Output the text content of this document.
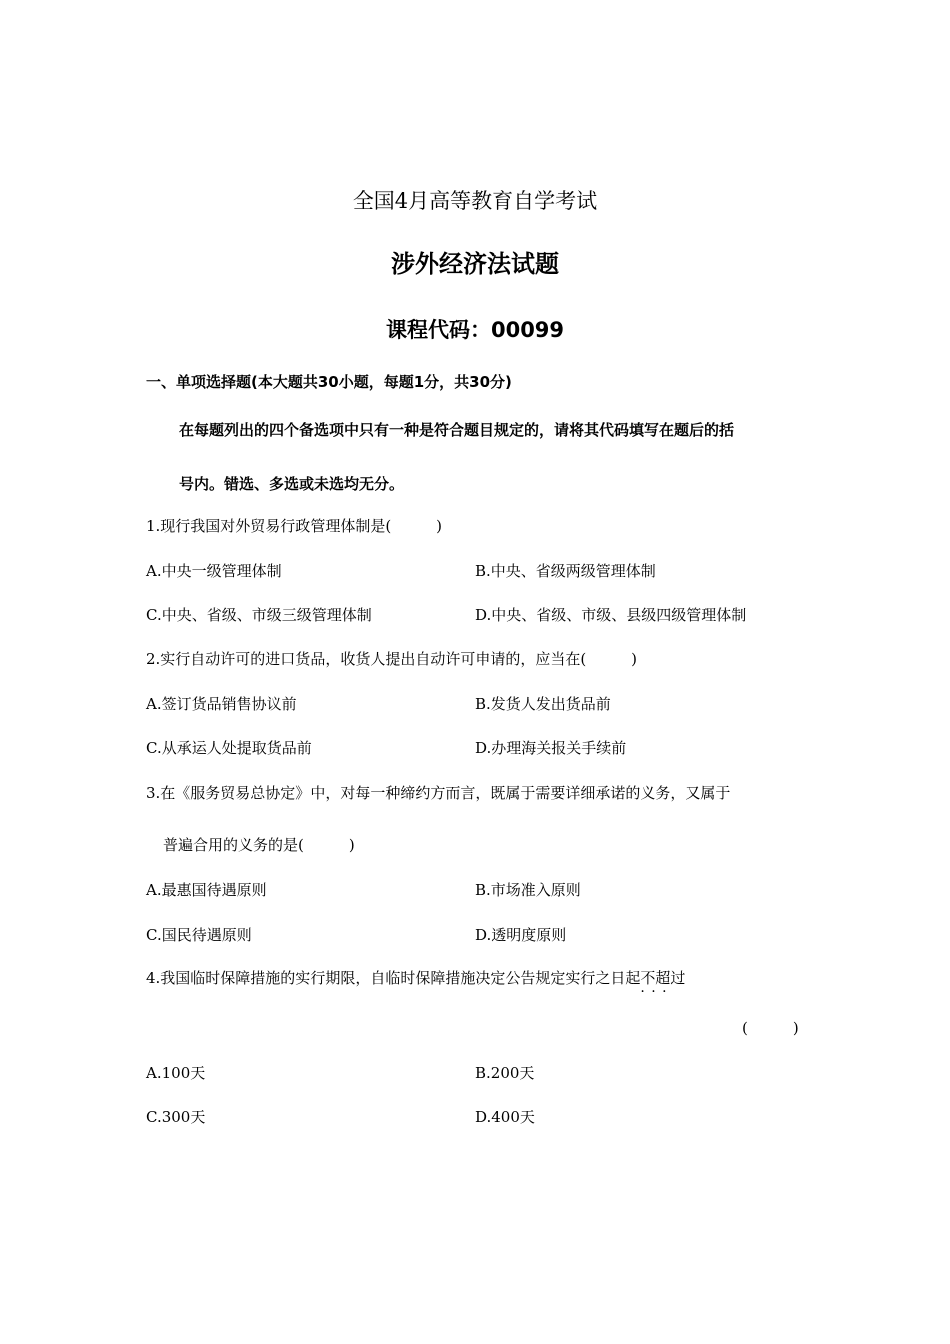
全国4月高等教育自学考试
涉外经济法试题
课程代码：00099
一、单项选择题(本大题共30小题，每题1分，共30分)
在每题列出的四个备选项中只有一种是符合题目规定的，请将其代码填写在题后的括
号内。错选、多选或未选均无分。
1.现行我国对外贸易行政管理体制是(　　　)
A.中央一级管理体制	B.中央、省级两级管理体制
C.中央、省级、市级三级管理体制	D.中央、省级、市级、县级四级管理体制
2.实行自动许可的进口货品，收货人提出自动许可申请的，应当在(　　　)
A.签订货品销售协议前	B.发货人发出货品前
C.从承运人处提取货品前	D.办理海关报关手续前
3.在《服务贸易总协定》中，对每一种缔约方而言，既属于需要详细承诺的义务，又属于
普遍合用的义务的是(　　　)
A.最惠国待遇原则	B.市场准入原则
C.国民待遇原则	D.透明度原则
4.我国临时保障措施的实行期限，自临时保障措施决定公告规定实行之日起不超过 · · ·
(　　　)
A.100天	B.200天
C.300天	D.400天
